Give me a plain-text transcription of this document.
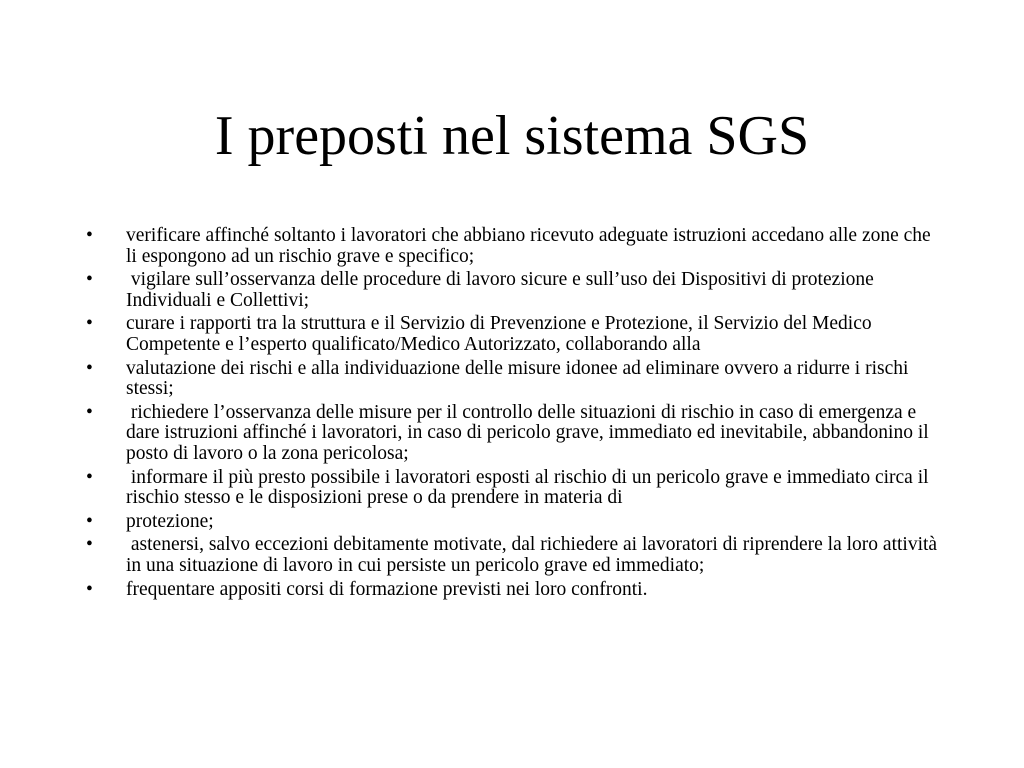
I preposti nel sistema SGS
•	verificare affinché soltanto i lavoratori che abbiano ricevuto adeguate istruzioni accedano alle zone che li espongono ad un rischio grave e specifico;
•	vigilare sull’osservanza delle procedure di lavoro sicure e sull’uso dei Dispositivi di protezione Individuali e Collettivi;
•	curare i rapporti tra la struttura e il Servizio di Prevenzione e Protezione, il Servizio del Medico Competente e l’esperto qualificato/Medico Autorizzato, collaborando alla
•	valutazione dei rischi e alla individuazione delle misure idonee ad eliminare ovvero a ridurre i rischi stessi;
•	richiedere l’osservanza delle misure per il controllo delle situazioni di rischio in caso di emergenza e dare istruzioni affinché i lavoratori, in caso di pericolo grave, immediato ed inevitabile, abbandonino il posto di lavoro o la zona pericolosa;
•	informare il più presto possibile i lavoratori esposti al rischio di un pericolo grave e immediato circa il rischio stesso e le disposizioni prese o da prendere in materia di
•	protezione;
•	astenersi, salvo eccezioni debitamente motivate, dal richiedere ai lavoratori di riprendere la loro attività in una situazione di lavoro in cui persiste un pericolo grave ed immediato;
•	frequentare appositi corsi di formazione previsti nei loro confronti.
